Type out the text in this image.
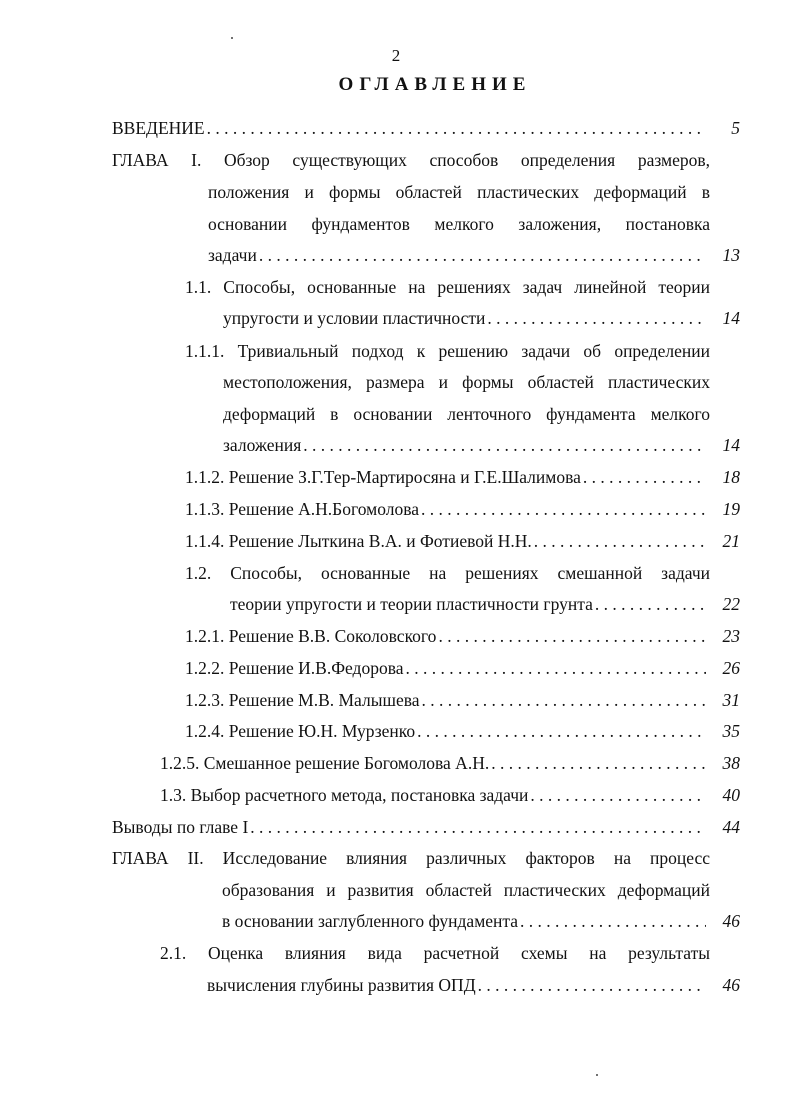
2
ОГЛАВЛЕНИЕ
ВВЕДЕНИЕ . . .	5
ГЛАВА I. Обзор существующих способов определения размеров,
положения и формы областей пластических деформаций в
основании фундаментов мелкого заложения, постановка
задачи . . .	13
1.1. Способы, основанные на решениях задач линейной теории
упругости и условии пластичности . . .	14
1.1.1. Тривиальный подход к решению задачи об определении
местоположения, размера и формы областей пластических
деформаций в основании ленточного фундамента мелкого
заложения . . .	14
1.1.2. Решение З.Г.Тер-Мартиросяна и Г.Е.Шалимова . . .	18
1.1.3. Решение А.Н.Богомолова . . .	19
1.1.4. Решение Лыткина В.А. и Фотиевой Н.Н. . . .	21
1.2. Способы, основанные на решениях смешанной задачи
теории упругости и теории пластичности грунта . . .	22
1.2.1. Решение В.В. Соколовского . . .	23
1.2.2. Решение И.В.Федорова . . .	26
1.2.3. Решение М.В. Малышева . . .	31
1.2.4. Решение Ю.Н. Мурзенко . . .	35
1.2.5. Смешанное решение Богомолова А.Н. . . .	38
1.3. Выбор расчетного метода, постановка задачи . . .	40
Выводы по главе I . . .	44
ГЛАВА II. Исследование влияния различных факторов на процесс
образования и развития областей пластических деформаций
в основании заглубленного фундамента . . .	46
2.1. Оценка влияния вида расчетной схемы на результаты
вычисления глубины развития ОПД . . .	46
